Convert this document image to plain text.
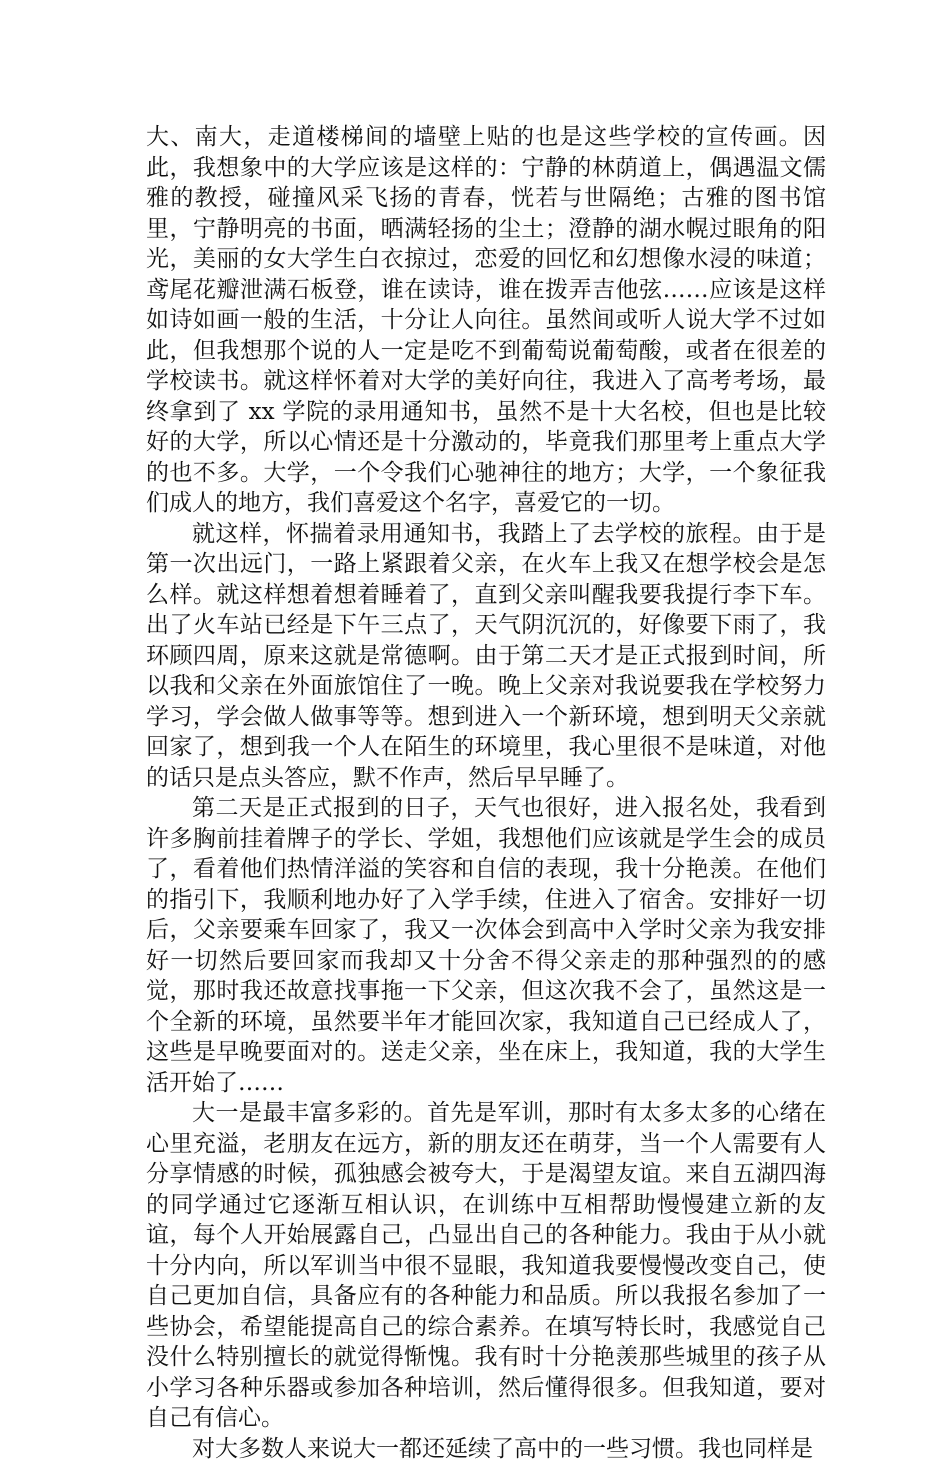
大、南大，走道楼梯间的墙壁上贴的也是这些学校的宣传画。因此，我想象中的大学应该是这样的：宁静的林荫道上，偶遇温文儒雅的教授，碰撞风采飞扬的青春，恍若与世隔绝；古雅的图书馆里，宁静明亮的书面，晒满轻扬的尘土；澄静的湖水幌过眼角的阳光，美丽的女大学生白衣掠过，恋爱的回忆和幻想像水浸的味道；鸢尾花瓣泄满石板登，谁在读诗，谁在拨弄吉他弦……应该是这样如诗如画一般的生活，十分让人向往。虽然间或听人说大学不过如此，但我想那个说的人一定是吃不到葡萄说葡萄酸，或者在很差的学校读书。就这样怀着对大学的美好向往，我进入了高考考场，最终拿到了 xx 学院的录用通知书，虽然不是十大名校，但也是比较好的大学，所以心情还是十分激动的，毕竟我们那里考上重点大学的也不多。大学，一个令我们心驰神往的地方；大学，一个象征我们成人的地方，我们喜爱这个名字，喜爱它的一切。

就这样，怀揣着录用通知书，我踏上了去学校的旅程。由于是第一次出远门，一路上紧跟着父亲，在火车上我又在想学校会是怎么样。就这样想着想着睡着了，直到父亲叫醒我要我提行李下车。出了火车站已经是下午三点了，天气阴沉沉的，好像要下雨了，我环顾四周，原来这就是常德啊。由于第二天才是正式报到时间，所以我和父亲在外面旅馆住了一晚。晚上父亲对我说要我在学校努力学习，学会做人做事等等。想到进入一个新环境，想到明天父亲就回家了，想到我一个人在陌生的环境里，我心里很不是味道，对他的话只是点头答应，默不作声，然后早早睡了。

第二天是正式报到的日子，天气也很好，进入报名处，我看到许多胸前挂着牌子的学长、学姐，我想他们应该就是学生会的成员了，看着他们热情洋溢的笑容和自信的表现，我十分艳羡。在他们的指引下，我顺利地办好了入学手续，住进入了宿舍。安排好一切后，父亲要乘车回家了，我又一次体会到高中入学时父亲为我安排好一切然后要回家而我却又十分舍不得父亲走的那种强烈的的感觉，那时我还故意找事拖一下父亲，但这次我不会了，虽然这是一个全新的环境，虽然要半年才能回次家，我知道自己已经成人了，这些是早晚要面对的。送走父亲，坐在床上，我知道，我的大学生活开始了……

大一是最丰富多彩的。首先是军训，那时有太多太多的心绪在心里充溢，老朋友在远方，新的朋友还在萌芽，当一个人需要有人分享情感的时候，孤独感会被夸大，于是渴望友谊。来自五湖四海的同学通过它逐渐互相认识，在训练中互相帮助慢慢建立新的友谊，每个人开始展露自己，凸显出自己的各种能力。我由于从小就十分内向，所以军训当中很不显眼，我知道我要慢慢改变自己，使自己更加自信，具备应有的各种能力和品质。所以我报名参加了一些协会，希望能提高自己的综合素养。在填写特长时，我感觉自己没什么特别擅长的就觉得惭愧。我有时十分艳羡那些城里的孩子从小学习各种乐器或参加各种培训，然后懂得很多。但我知道，要对自己有信心。

对大多数人来说大一都还延续了高中的一些习惯。我也同样是
